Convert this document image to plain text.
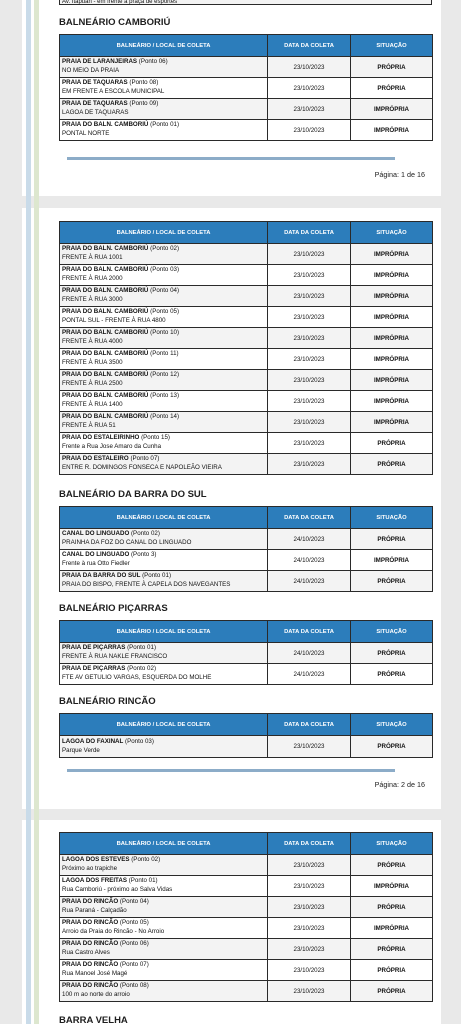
Av. Itapuan - em frente à praça de esportes
BALNEÁRIO CAMBORIÚ
BALNEÁRIO / LOCAL DE COLETA	DATA DA COLETA	SITUAÇÃO
PRAIA DE LARANJEIRAS (Ponto 06)
NO MEIO DA PRAIA	23/10/2023	PRÓPRIA
PRAIA DE TAQUARAS (Ponto 08)
EM FRENTE A ESCOLA MUNICIPAL	23/10/2023	PRÓPRIA
PRAIA DE TAQUARAS (Ponto 09)
LAGOA DE TAQUARAS	23/10/2023	IMPRÓPRIA
PRAIA DO BALN. CAMBORIÚ (Ponto 01)
PONTAL NORTE	23/10/2023	IMPRÓPRIA
Página: 1 de 16
BALNEÁRIO / LOCAL DE COLETA	DATA DA COLETA	SITUAÇÃO
PRAIA DO BALN. CAMBORIÚ (Ponto 02)
FRENTE À RUA 1001	23/10/2023	IMPRÓPRIA
PRAIA DO BALN. CAMBORIÚ (Ponto 03)
FRENTE À RUA 2000	23/10/2023	IMPRÓPRIA
PRAIA DO BALN. CAMBORIÚ (Ponto 04)
FRENTE À RUA 3000	23/10/2023	IMPRÓPRIA
PRAIA DO BALN. CAMBORIÚ (Ponto 05)
PONTAL SUL - FRENTE À RUA 4800	23/10/2023	IMPRÓPRIA
PRAIA DO BALN. CAMBORIÚ (Ponto 10)
FRENTE À RUA 4000	23/10/2023	IMPRÓPRIA
PRAIA DO BALN. CAMBORIÚ (Ponto 11)
FRENTE À RUA 3500	23/10/2023	IMPRÓPRIA
PRAIA DO BALN. CAMBORIÚ (Ponto 12)
FRENTE À RUA 2500	23/10/2023	IMPRÓPRIA
PRAIA DO BALN. CAMBORIÚ (Ponto 13)
FRENTE À RUA 1400	23/10/2023	IMPRÓPRIA
PRAIA DO BALN. CAMBORIÚ (Ponto 14)
FRENTE À RUA 51	23/10/2023	IMPRÓPRIA
PRAIA DO ESTALEIRINHO (Ponto 15)
Frente a Rua Jose Amaro da Cunha	23/10/2023	PRÓPRIA
PRAIA DO ESTALEIRO (Ponto 07)
ENTRE R. DOMINGOS FONSECA E NAPOLEÃO VIEIRA	23/10/2023	PRÓPRIA
BALNEÁRIO DA BARRA DO SUL
BALNEÁRIO / LOCAL DE COLETA	DATA DA COLETA	SITUAÇÃO
CANAL DO LINGUADO (Ponto 02)
PRAINHA DA FOZ DO CANAL DO LINGUADO	24/10/2023	PRÓPRIA
CANAL DO LINGUADO (Ponto 3)
Frente à rua Otto Fiedler	24/10/2023	IMPRÓPRIA
PRAIA DA BARRA DO SUL (Ponto 01)
PRAIA DO BISPO, FRENTE À CAPELA DOS NAVEGANTES	24/10/2023	PRÓPRIA
BALNEÁRIO PIÇARRAS
BALNEÁRIO / LOCAL DE COLETA	DATA DA COLETA	SITUAÇÃO
PRAIA DE PIÇARRAS (Ponto 01)
FRENTE À RUA NAKLE FRANCISCO	24/10/2023	PRÓPRIA
PRAIA DE PIÇARRAS (Ponto 02)
FTE AV GETULIO VARGAS, ESQUERDA DO MOLHE	24/10/2023	PRÓPRIA
BALNEÁRIO RINCÃO
BALNEÁRIO / LOCAL DE COLETA	DATA DA COLETA	SITUAÇÃO
LAGOA DO FAXINAL (Ponto 03)
Parque Verde	23/10/2023	PRÓPRIA
Página: 2 de 16
BALNEÁRIO / LOCAL DE COLETA	DATA DA COLETA	SITUAÇÃO
LAGOA DOS ESTEVES (Ponto 02)
Próximo ao trapiche	23/10/2023	PRÓPRIA
LAGOA DOS FREITAS (Ponto 01)
Rua Camboriú - próximo ao Salva Vidas	23/10/2023	IMPRÓPRIA
PRAIA DO RINCÃO (Ponto 04)
Rua Paraná - Calçadão	23/10/2023	PRÓPRIA
PRAIA DO RINCÃO (Ponto 05)
Arroio da Praia do Rincão - No Arroio	23/10/2023	IMPRÓPRIA
PRAIA DO RINCÃO (Ponto 06)
Rua Castro Alves	23/10/2023	PRÓPRIA
PRAIA DO RINCÃO (Ponto 07)
Rua Manoel José Magé	23/10/2023	PRÓPRIA
PRAIA DO RINCÃO (Ponto 08)
100 m ao norte do arroio	23/10/2023	PRÓPRIA
BARRA VELHA
